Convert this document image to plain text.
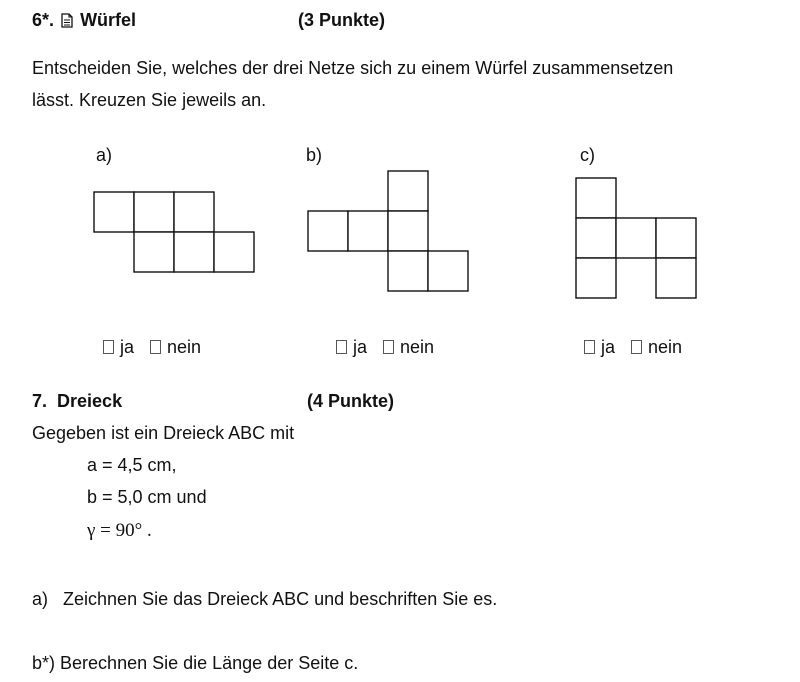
6*. Würfel	(3 Punkte)
Entscheiden Sie, welches der drei Netze sich zu einem Würfel zusammensetzen
lässt. Kreuzen Sie jeweils an.
a)	b)	c)
ja nein	ja nein	ja nein
7. Dreieck	(4 Punkte)
Gegeben ist ein Dreieck ABC mit
a = 4,5 cm,
b = 5,0 cm und
γ = 90° .
a) Zeichnen Sie das Dreieck ABC und beschriften Sie es.
b*) Berechnen Sie die Länge der Seite c.
